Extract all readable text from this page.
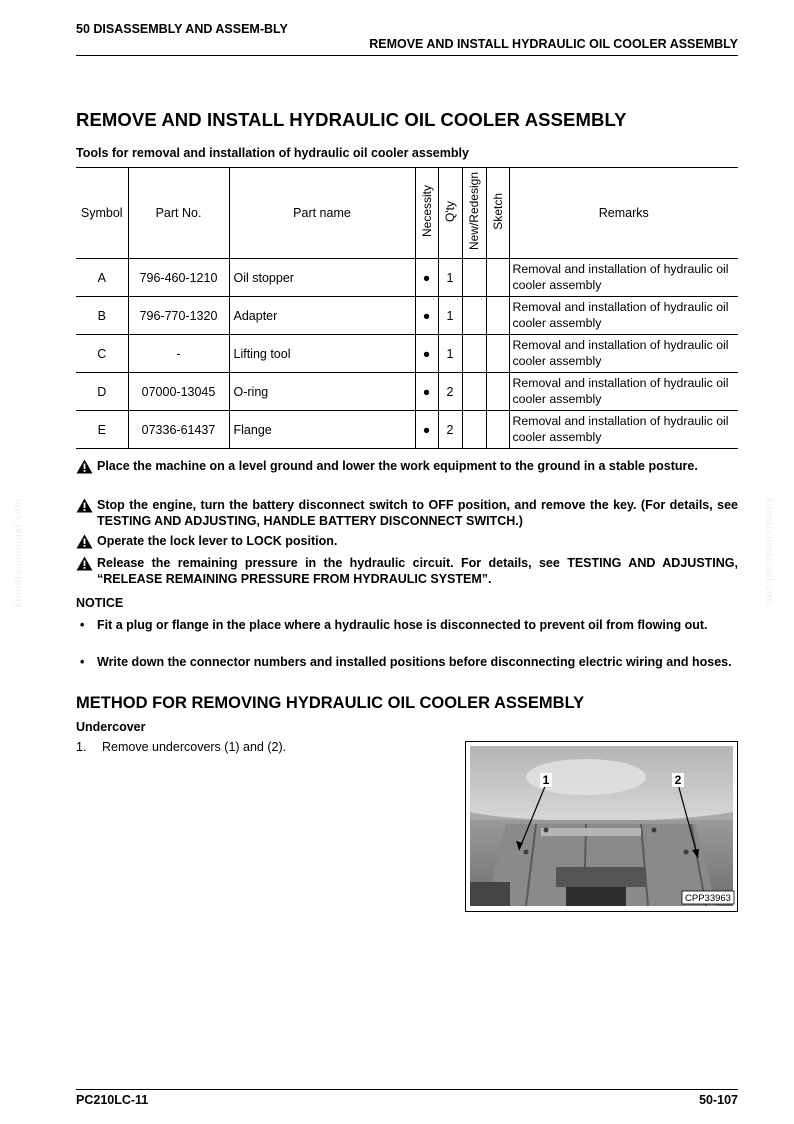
50 DISASSEMBLY AND ASSEM-BLY
REMOVE AND INSTALL HYDRAULIC OIL COOLER ASSEMBLY
komatsumanual.com	komatsumanual.com
REMOVE AND INSTALL HYDRAULIC OIL COOLER ASSEMBLY
Tools for removal and installation of hydraulic oil cooler assembly
Symbol	Part No.	Part name	Necessity	Q'ty	New/Redesign	Sketch	Remarks
A	796-460-1210	Oil stopper	●	1			Removal and installation of hydraulic oil cooler assembly
B	796-770-1320	Adapter	●	1			Removal and installation of hydraulic oil cooler assembly
C	-	Lifting tool	●	1			Removal and installation of hydraulic oil cooler assembly
D	07000-13045	O-ring	●	2			Removal and installation of hydraulic oil cooler assembly
E	07336-61437	Flange	●	2			Removal and installation of hydraulic oil cooler assembly
Place the machine on a level ground and lower the work equipment to the ground in a stable posture.
Stop the engine, turn the battery disconnect switch to OFF position, and remove the key. (For details, see TESTING AND ADJUSTING, HANDLE BATTERY DISCONNECT SWITCH.)
Operate the lock lever to LOCK position.
Release the remaining pressure in the hydraulic circuit. For details, see TESTING AND ADJUSTING, “RELEASE REMAINING PRESSURE FROM HYDRAULIC SYSTEM”.
NOTICE
• Fit a plug or flange in the place where a hydraulic hose is disconnected to prevent oil from flowing out.
• Write down the connector numbers and installed positions before disconnecting electric wiring and hoses.
METHOD FOR REMOVING HYDRAULIC OIL COOLER ASSEMBLY
Undercover
1. Remove undercovers (1) and (2).
1	2
CPP33963
PC210LC-11	50-107
